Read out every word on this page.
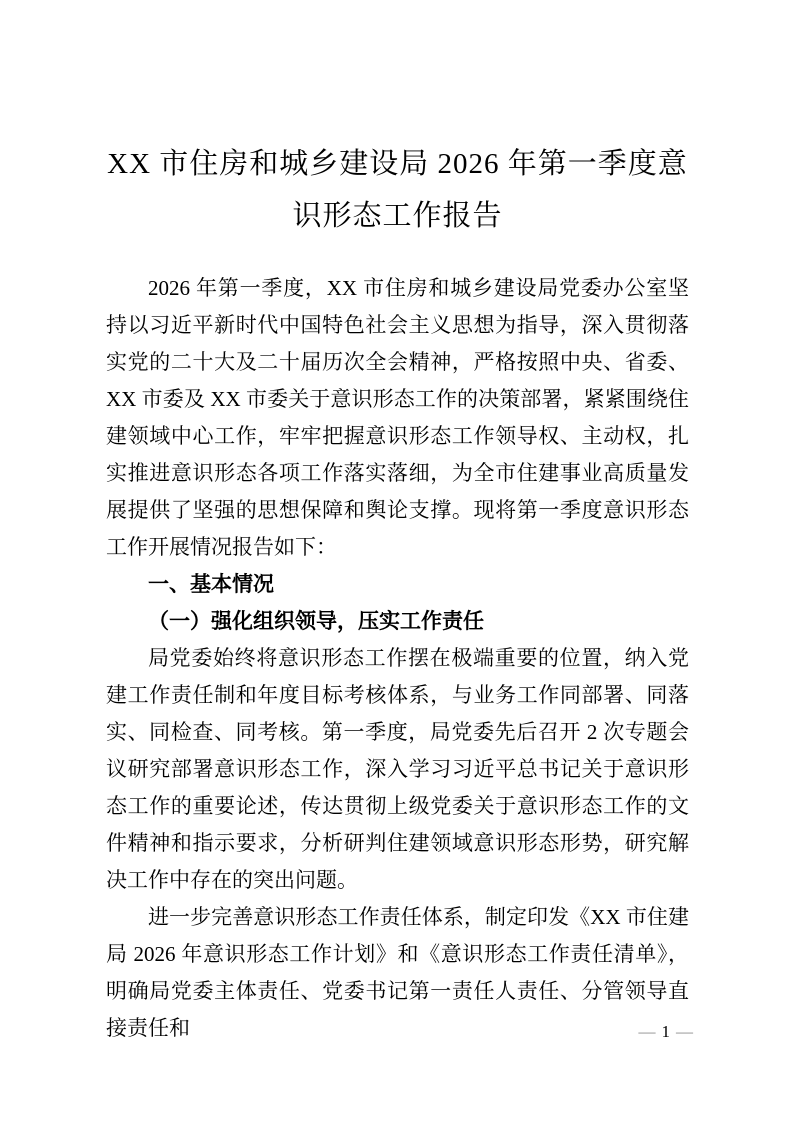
XX 市住房和城乡建设局 2026 年第一季度意识形态工作报告

2026 年第一季度，XX 市住房和城乡建设局党委办公室坚持以习近平新时代中国特色社会主义思想为指导，深入贯彻落实党的二十大及二十届历次全会精神，严格按照中央、省委、XX 市委及 XX 市委关于意识形态工作的决策部署，紧紧围绕住建领域中心工作，牢牢把握意识形态工作领导权、主动权，扎实推进意识形态各项工作落实落细，为全市住建事业高质量发展提供了坚强的思想保障和舆论支撑。现将第一季度意识形态工作开展情况报告如下：

一、基本情况
（一）强化组织领导，压实工作责任

局党委始终将意识形态工作摆在极端重要的位置，纳入党建工作责任制和年度目标考核体系，与业务工作同部署、同落实、同检查、同考核。第一季度，局党委先后召开 2 次专题会议研究部署意识形态工作，深入学习习近平总书记关于意识形态工作的重要论述，传达贯彻上级党委关于意识形态工作的文件精神和指示要求，分析研判住建领域意识形态形势，研究解决工作中存在的突出问题。

进一步完善意识形态工作责任体系，制定印发《XX 市住建局 2026 年意识形态工作计划》和《意识形态工作责任清单》，明确局党委主体责任、党委书记第一责任人责任、分管领导直接责任和	— 1 —
